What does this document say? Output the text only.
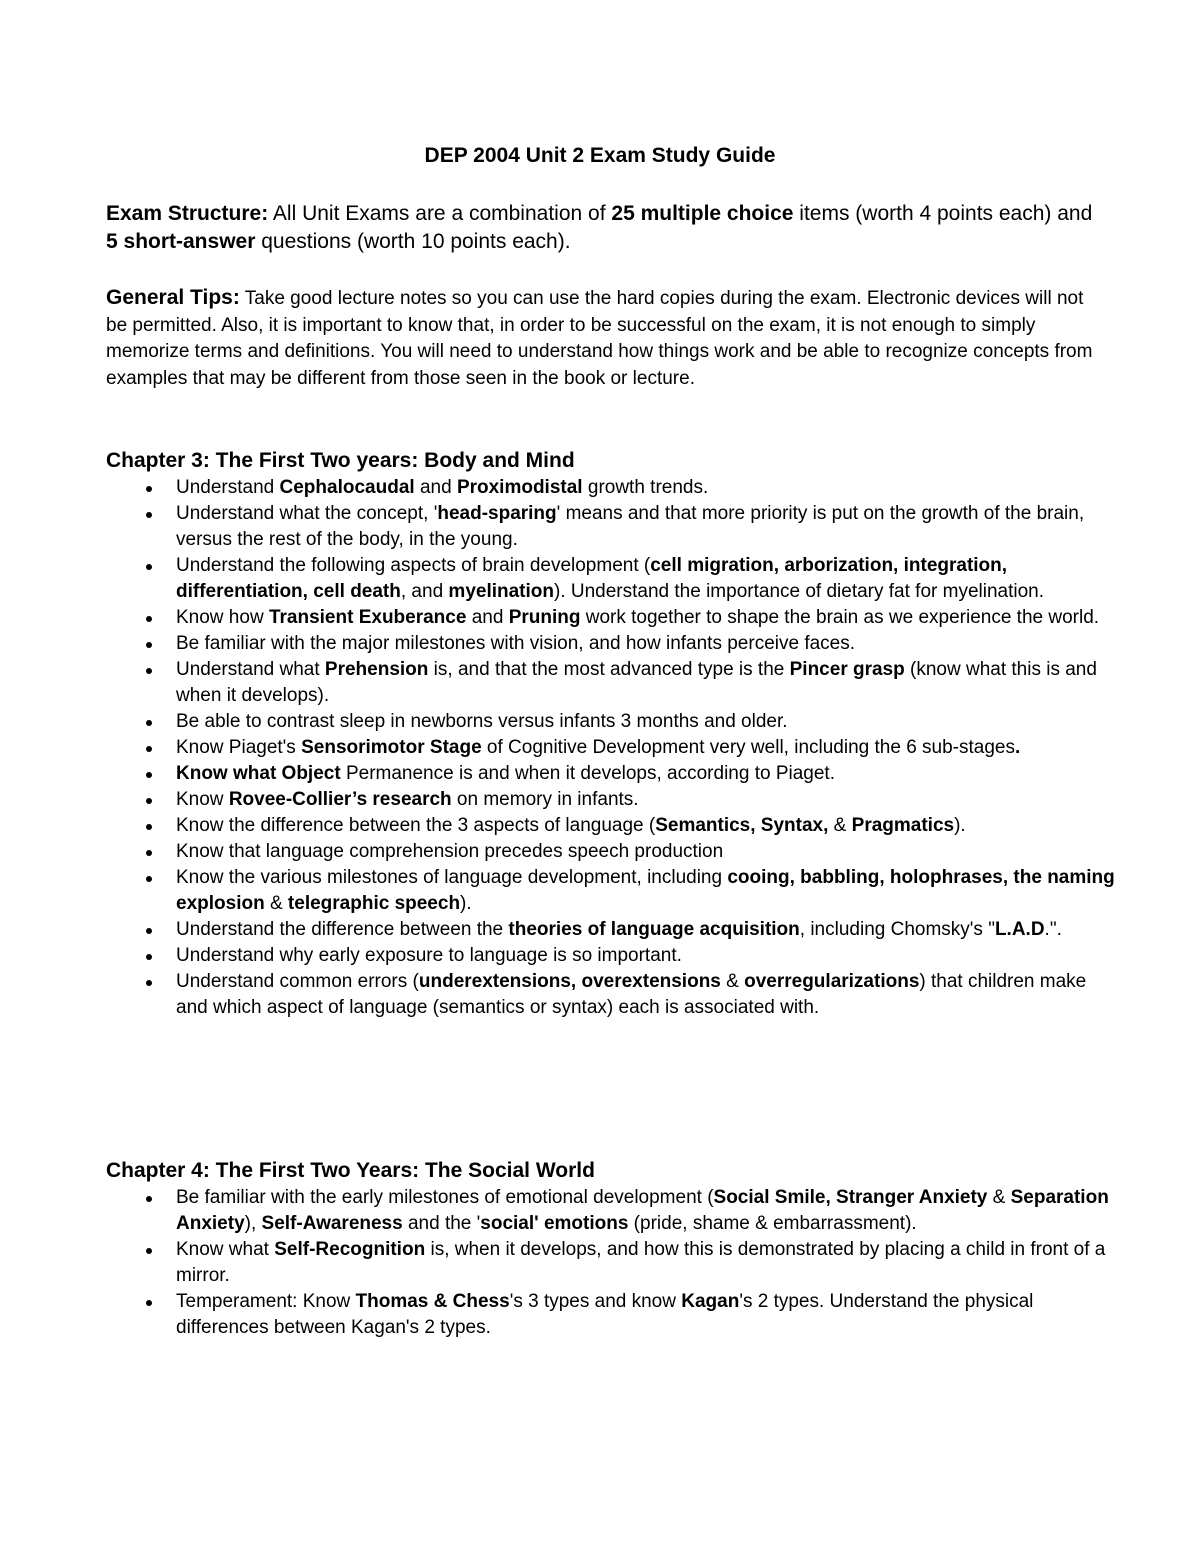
DEP 2004 Unit 2 Exam Study Guide

Exam Structure: All Unit Exams are a combination of 25 multiple choice items (worth 4 points each) and 5 short-answer questions (worth 10 points each).

General Tips: Take good lecture notes so you can use the hard copies during the exam. Electronic devices will not be permitted. Also, it is important to know that, in order to be successful on the exam, it is not enough to simply memorize terms and definitions. You will need to understand how things work and be able to recognize concepts from examples that may be different from those seen in the book or lecture.

Chapter 3: The First Two years: Body and Mind
Understand Cephalocaudal and Proximodistal growth trends.
Understand what the concept, 'head-sparing' means and that more priority is put on the growth of the brain, versus the rest of the body, in the young.
Understand the following aspects of brain development (cell migration, arborization, integration, differentiation, cell death, and myelination). Understand the importance of dietary fat for myelination.
Know how Transient Exuberance and Pruning work together to shape the brain as we experience the world.
Be familiar with the major milestones with vision, and how infants perceive faces.
Understand what Prehension is, and that the most advanced type is the Pincer grasp (know what this is and when it develops).
Be able to contrast sleep in newborns versus infants 3 months and older.
Know Piaget's Sensorimotor Stage of Cognitive Development very well, including the 6 sub-stages.
Know what Object Permanence is and when it develops, according to Piaget.
Know Rovee-Collier’s research on memory in infants.
Know the difference between the 3 aspects of language (Semantics, Syntax, & Pragmatics).
Know that language comprehension precedes speech production
Know the various milestones of language development, including cooing, babbling, holophrases, the naming explosion & telegraphic speech).
Understand the difference between the theories of language acquisition, including Chomsky's "L.A.D.".
Understand why early exposure to language is so important.
Understand common errors (underextensions, overextensions & overregularizations) that children make and which aspect of language (semantics or syntax) each is associated with.
Chapter 4: The First Two Years: The Social World
Be familiar with the early milestones of emotional development (Social Smile, Stranger Anxiety & Separation Anxiety), Self-Awareness and the 'social' emotions (pride, shame & embarrassment).
Know what Self-Recognition is, when it develops, and how this is demonstrated by placing a child in front of a mirror.
Temperament: Know Thomas & Chess's 3 types and know Kagan's 2 types. Understand the physical differences between Kagan's 2 types.
